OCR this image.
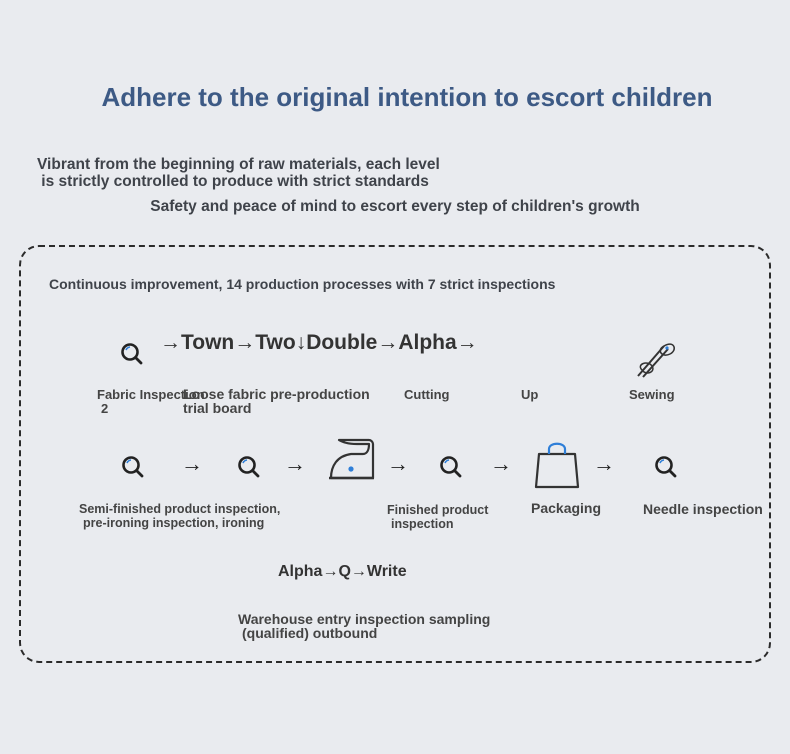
Adhere to the original intention to escort children
Vibrant from the beginning of raw materials, each level
is strictly controlled to produce with strict standards
Safety and peace of mind to escort every step of children's growth
Continuous improvement, 14 production processes with 7 strict inspections
→Town→Two↓Double→Alpha→
Fabric Inspection
2
Loose fabric pre-production
trial board
Cutting	Up	Sewing
→	→	→	→	→
Semi-finished product inspection,
pre-ironing inspection, ironing
Finished product
inspection
Packaging	Needle inspection
Alpha→Q→Write
Warehouse entry inspection sampling
(qualified) outbound
